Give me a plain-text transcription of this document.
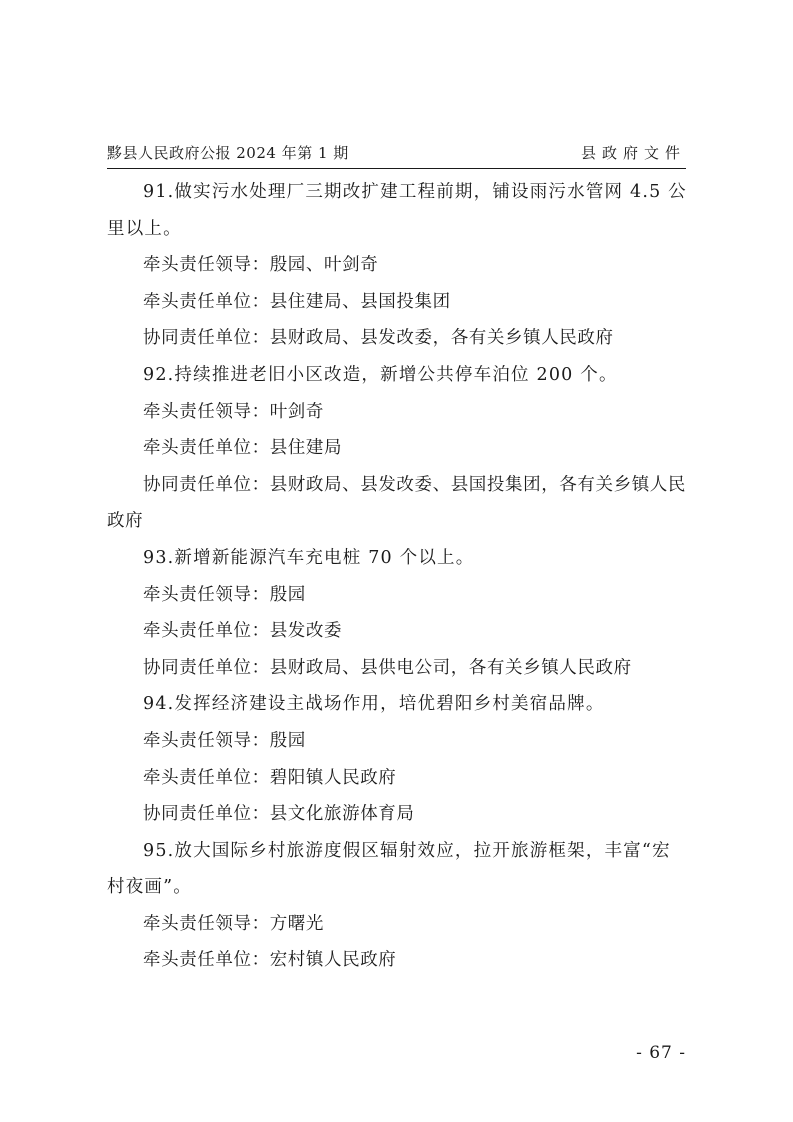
黟县人民政府公报 2024 年第 1 期	县政府文件

91.做实污水处理厂三期改扩建工程前期，铺设雨污水管网 4.5 公里以上。

牵头责任领导：殷园、叶剑奇

牵头责任单位：县住建局、县国投集团

协同责任单位：县财政局、县发改委，各有关乡镇人民政府

92.持续推进老旧小区改造，新增公共停车泊位 200 个。

牵头责任领导：叶剑奇

牵头责任单位：县住建局

协同责任单位：县财政局、县发改委、县国投集团，各有关乡镇人民政府

93.新增新能源汽车充电桩 70 个以上。

牵头责任领导：殷园

牵头责任单位：县发改委

协同责任单位：县财政局、县供电公司，各有关乡镇人民政府

94.发挥经济建设主战场作用，培优碧阳乡村美宿品牌。

牵头责任领导：殷园

牵头责任单位：碧阳镇人民政府

协同责任单位：县文化旅游体育局

95.放大国际乡村旅游度假区辐射效应，拉开旅游框架，丰富“宏村夜画”。

牵头责任领导：方曙光

牵头责任单位：宏村镇人民政府

- 67 -
